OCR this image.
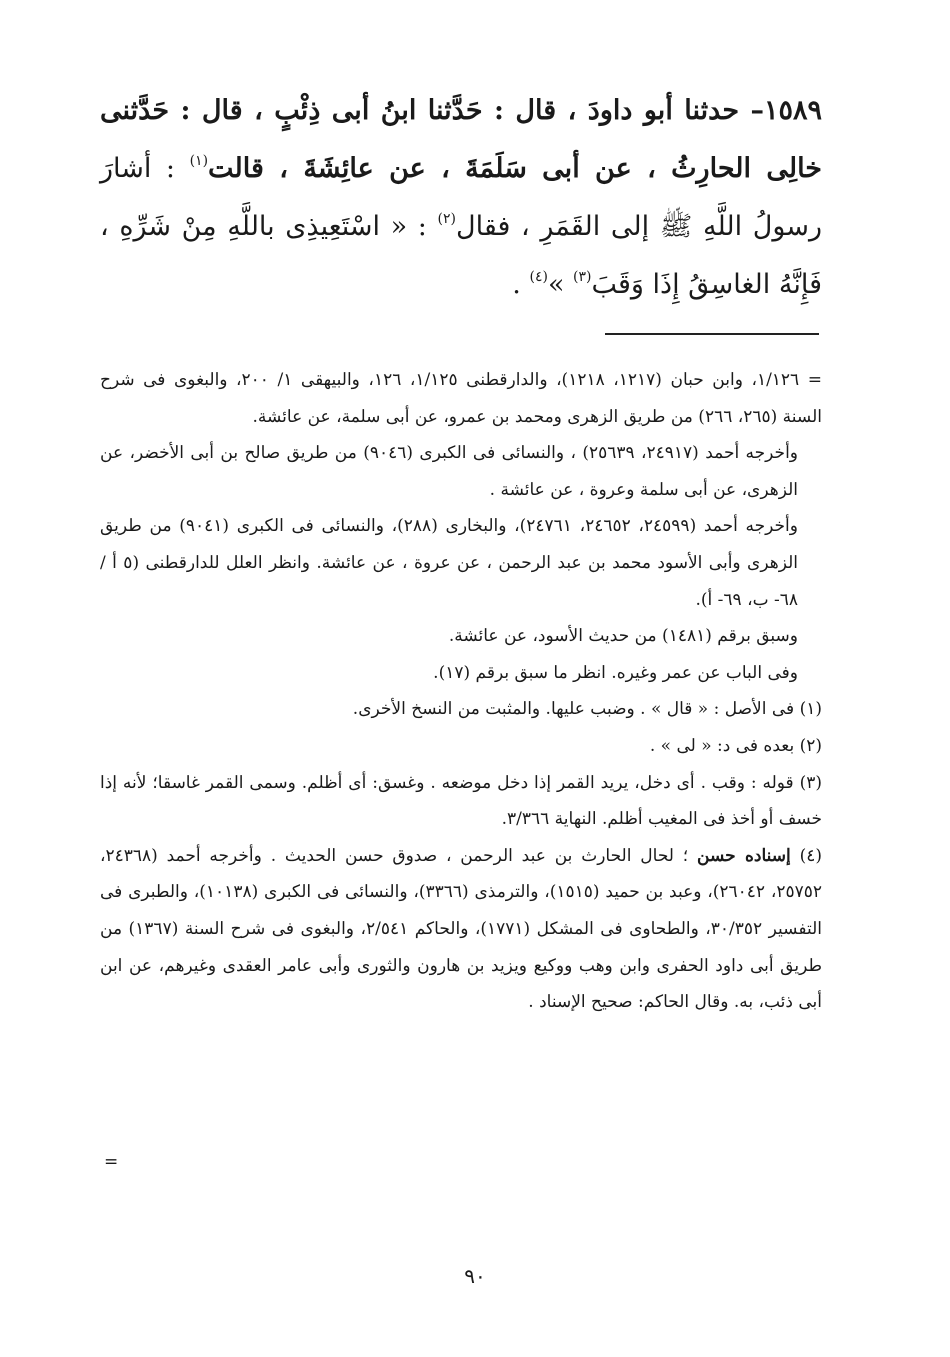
١٥٨٩– حدثنا أبو داودَ ، قال : حَدَّثنا ابنُ أبى ذِئْبٍ ، قال : حَدَّثنى خالِى الحارِثُ ، عن أبى سَلَمَةَ ، عن عائِشَةَ ، قالت$^{(١)}$ : أشارَ رسولُ اللَّهِ ﷺ إلى القَمَرِ ، فقال$^{(٢)}$ : « اسْتَعِيذِى باللَّهِ مِنْ شَرِّهِ ، فَإِنَّهُ الغاسِقُ إِذَا وَقَبَ$^{(٣)}$ »$^{(٤)}$ .

= ١/١٢٦، وابن حبان (١٢١٧، ١٢١٨)، والدارقطنى ١/١٢٥، ١٢٦، والبيهقى ١/ ٢٠٠، والبغوى فى شرح السنة (٢٦٥، ٢٦٦) من طريق الزهرى ومحمد بن عمرو، عن أبى سلمة، عن عائشة.

وأخرجه أحمد (٢٤٩١٧، ٢٥٦٣٩) ، والنسائى فى الكبرى (٩٠٤٦) من طريق صالح بن أبى الأخضر، عن الزهرى، عن أبى سلمة وعروة ، عن عائشة .

وأخرجه أحمد (٢٤٥٩٩، ٢٤٦٥٢، ٢٤٧٦١)، والبخارى (٢٨٨)، والنسائى فى الكبرى (٩٠٤١) من طريق الزهرى وأبى الأسود محمد بن عبد الرحمن ، عن عروة ، عن عائشة. وانظر العلل للدارقطنى (٥ أ /٦٨- ب، ٦٩- أ).

وسبق برقم (١٤٨١) من حديث الأسود، عن عائشة.

وفى الباب عن عمر وغيره. انظر ما سبق برقم (١٧).

(١) فى الأصل : « قال » . وضبب عليها. والمثبت من النسخ الأخرى.

(٢) بعده فى د: « لى » .

(٣) قوله : وقب . أى دخل، يريد القمر إذا دخل موضعه . وغسق: أى أظلم. وسمى القمر غاسقا؛ لأنه إذا خسف أو أخذ فى المغيب أظلم. النهاية ٣/٣٦٦.

(٤) إسناده حسن ؛ لحال الحارث بن عبد الرحمن ، صدوق حسن الحديث . وأخرجه أحمد (٢٤٣٦٨، ٢٥٧٥٢، ٢٦٠٤٢)، وعبد بن حميد (١٥١٥)، والترمذى (٣٣٦٦)، والنسائى فى الكبرى (١٠١٣٨)، والطبرى فى التفسير ٣٠/٣٥٢، والطحاوى فى المشكل (١٧٧١)، والحاكم ٢/٥٤١، والبغوى فى شرح السنة (١٣٦٧) من طريق أبى داود الحفرى وابن وهب ووكيع ويزيد بن هارون والثورى وأبى عامر العقدى وغيرهم، عن ابن أبى ذئب، به. وقال الحاكم: صحيح الإسناد .

=
٩٠
